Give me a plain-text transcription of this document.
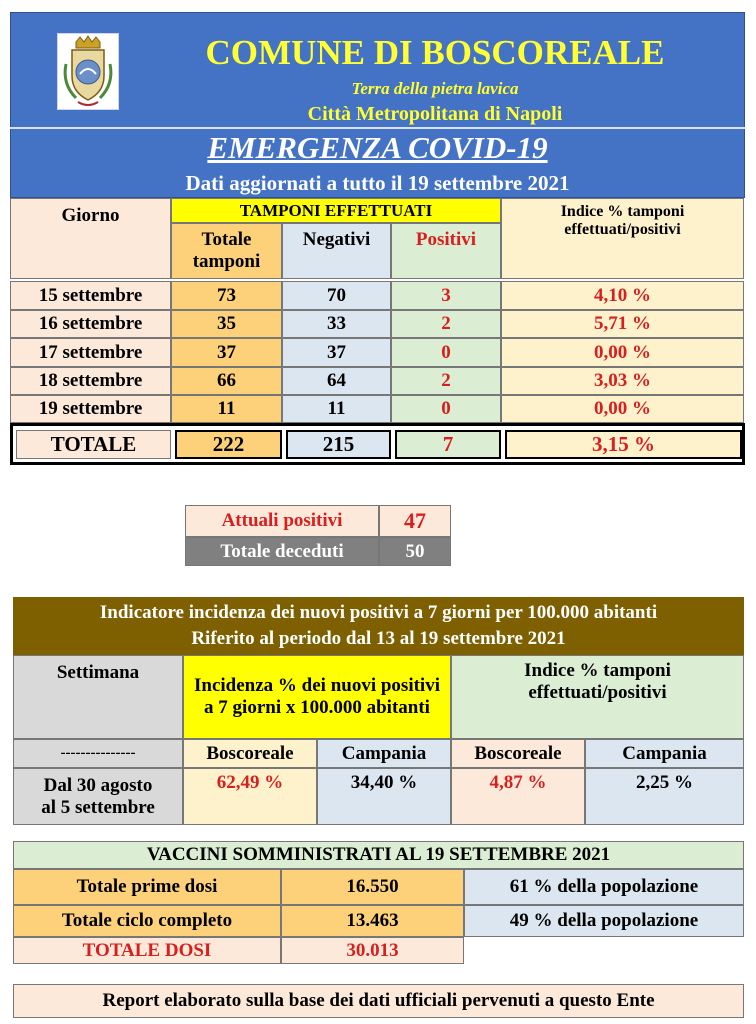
COMUNE DI BOSCOREALE
Terra della pietra lavica
Città Metropolitana di Napoli
EMERGENZA COVID-19
Dati aggiornati a tutto il 19 settembre 2021
Giorno	TAMPONI EFFETTUATI
Totale tamponi
Negativi Positivi
Indice % tamponi effettuati/positivi
15 settembre	73	70	3	4,10 %
16 settembre	35	33	2	5,71 %
17 settembre	37	37	0	0,00 %
18 settembre	66	64	2	3,03 %
19 settembre	11	11	0	0,00 %
TOTALE	222	215	7	3,15 %
Attuali positivi	47
Totale deceduti	50
Indicatore incidenza dei nuovi positivi a 7 giorni per 100.000 abitanti
Riferito al periodo dal 13 al 19 settembre 2021
Settimana
Incidenza % dei nuovi positivi a 7 giorni x 100.000 abitanti
Indice % tamponi effettuati/positivi
---------------	Boscoreale	Campania	Boscoreale	Campania
Dal 30 agosto
al 5 settembre
62,49 %	34,40 %	4,87 %	2,25 %
VACCINI SOMMINISTRATI AL 19 SETTEMBRE 2021
Totale prime dosi	16.550	61 % della popolazione
Totale ciclo completo	13.463	49 % della popolazione
TOTALE DOSI	30.013
Report elaborato sulla base dei dati ufficiali pervenuti a questo Ente
